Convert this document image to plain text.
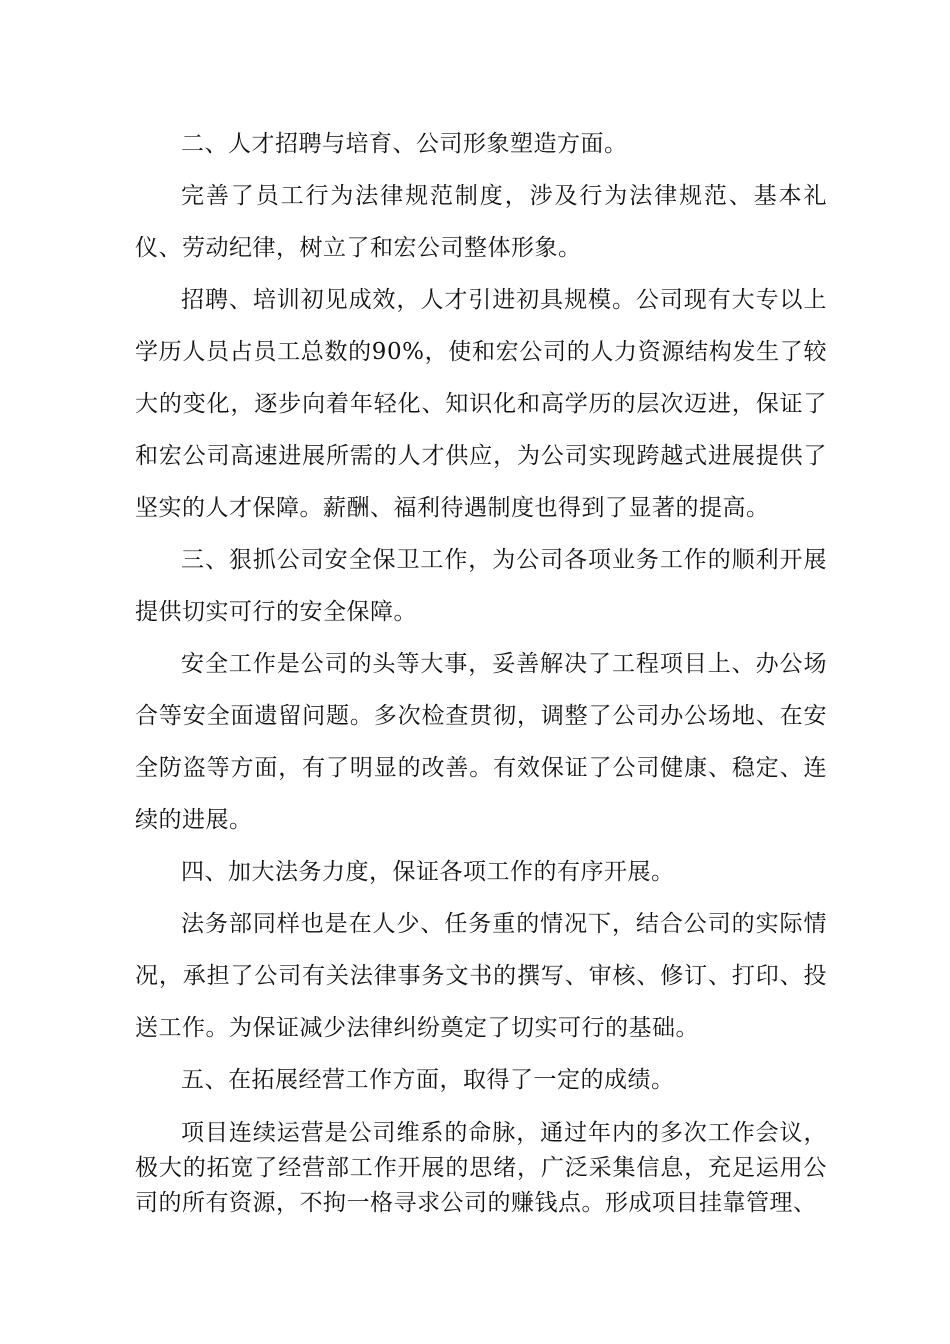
二、人才招聘与培育、公司形象塑造方面。

完善了员工行为法律规范制度，涉及行为法律规范、基本礼仪、劳动纪律，树立了和宏公司整体形象。

招聘、培训初见成效，人才引进初具规模。公司现有大专以上学历人员占员工总数的90%，使和宏公司的人力资源结构发生了较大的变化，逐步向着年轻化、知识化和高学历的层次迈进，保证了和宏公司高速进展所需的人才供应，为公司实现跨越式进展提供了坚实的人才保障。薪酬、福利待遇制度也得到了显著的提高。

三、狠抓公司安全保卫工作，为公司各项业务工作的顺利开展提供切实可行的安全保障。

安全工作是公司的头等大事，妥善解决了工程项目上、办公场合等安全面遗留问题。多次检查贯彻，调整了公司办公场地、在安全防盗等方面，有了明显的改善。有效保证了公司健康、稳定、连续的进展。

四、加大法务力度，保证各项工作的有序开展。

法务部同样也是在人少、任务重的情况下，结合公司的实际情况，承担了公司有关法律事务文书的撰写、审核、修订、打印、投送工作。为保证减少法律纠纷奠定了切实可行的基础。

五、在拓展经营工作方面，取得了一定的成绩。

项目连续运营是公司维系的命脉，通过年内的多次工作会议，极大的拓宽了经营部工作开展的思绪，广泛采集信息，充足运用公司的所有资源，不拘一格寻求公司的赚钱点。形成项目挂靠管理、
